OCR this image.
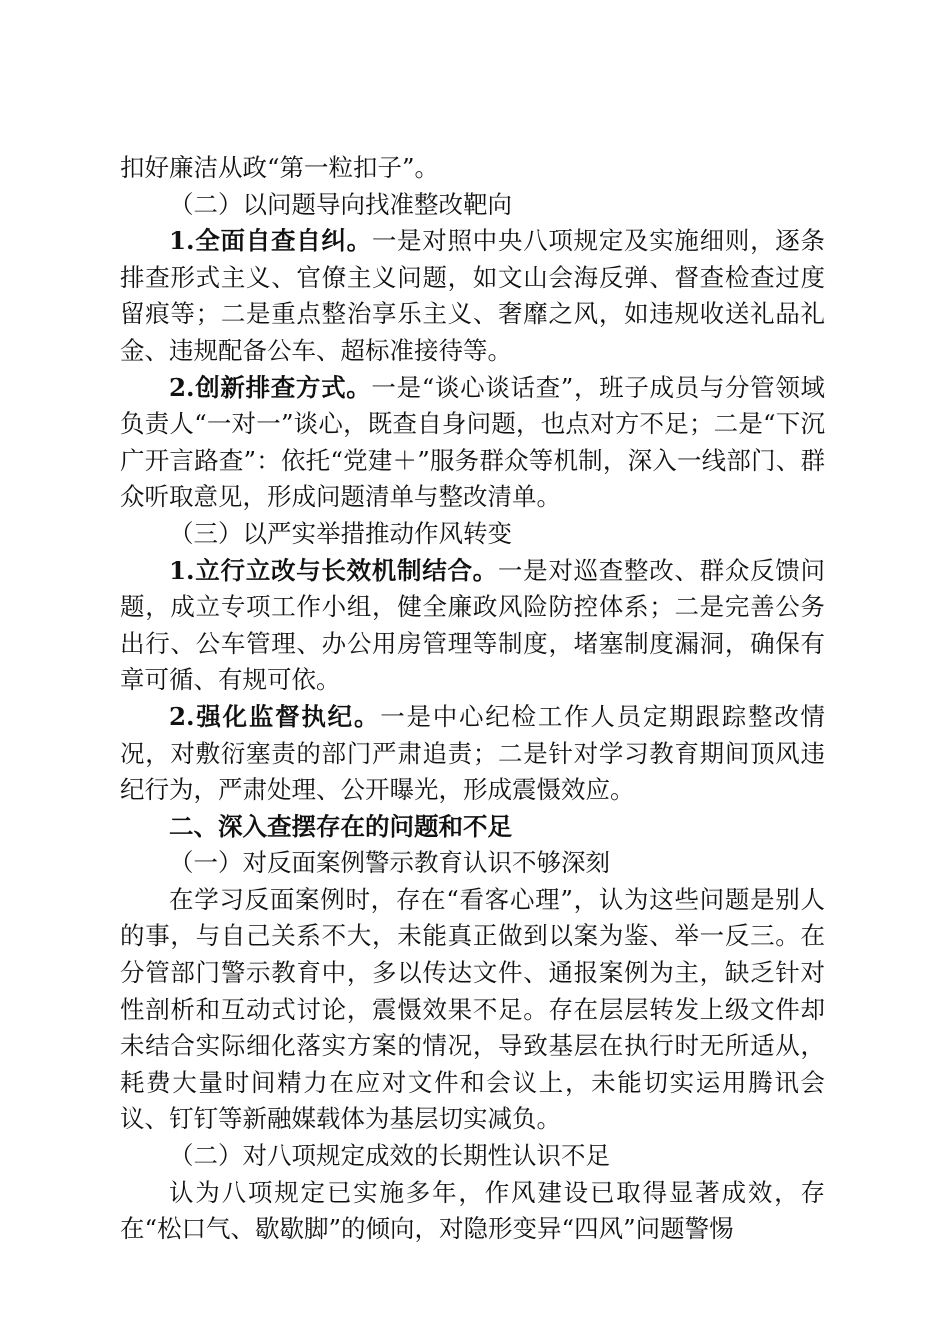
扣好廉洁从政“第一粒扣子”。

（二）以问题导向找准整改靶向

1.全面自查自纠。一是对照中央八项规定及实施细则，逐条排查形式主义、官僚主义问题，如文山会海反弹、督查检查过度留痕等；二是重点整治享乐主义、奢靡之风，如违规收送礼品礼金、违规配备公车、超标准接待等。

2.创新排查方式。一是“谈心谈话查”，班子成员与分管领域负责人“一对一”谈心，既查自身问题，也点对方不足；二是“下沉广开言路查”：依托“党建＋”服务群众等机制，深入一线部门、群众听取意见，形成问题清单与整改清单。

（三）以严实举措推动作风转变

1.立行立改与长效机制结合。一是对巡查整改、群众反馈问题，成立专项工作小组，健全廉政风险防控体系；二是完善公务出行、公车管理、办公用房管理等制度，堵塞制度漏洞，确保有章可循、有规可依。

2.强化监督执纪。一是中心纪检工作人员定期跟踪整改情况，对敷衍塞责的部门严肃追责；二是针对学习教育期间顶风违纪行为，严肃处理、公开曝光，形成震慑效应。

二、深入查摆存在的问题和不足

（一）对反面案例警示教育认识不够深刻

在学习反面案例时，存在“看客心理”，认为这些问题是别人的事，与自己关系不大，未能真正做到以案为鉴、举一反三。在分管部门警示教育中，多以传达文件、通报案例为主，缺乏针对性剖析和互动式讨论，震慑效果不足。存在层层转发上级文件却未结合实际细化落实方案的情况，导致基层在执行时无所适从，耗费大量时间精力在应对文件和会议上，未能切实运用腾讯会议、钉钉等新融媒载体为基层切实减负。

（二）对八项规定成效的长期性认识不足

认为八项规定已实施多年，作风建设已取得显著成效，存在“松口气、歇歇脚”的倾向，对隐形变异“四风”问题警惕
